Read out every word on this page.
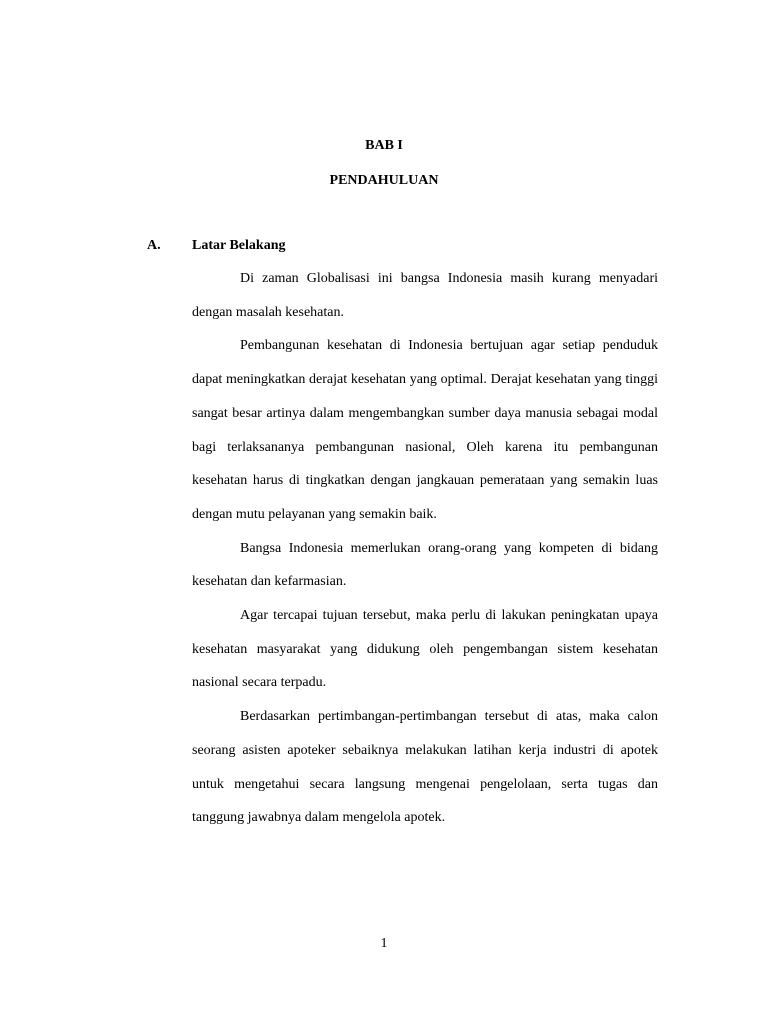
BAB I
PENDAHULUAN
A. Latar Belakang

Di zaman Globalisasi ini bangsa Indonesia masih kurang menyadari dengan masalah kesehatan.

Pembangunan kesehatan di Indonesia bertujuan agar setiap penduduk dapat meningkatkan derajat kesehatan yang optimal. Derajat kesehatan yang tinggi sangat besar artinya dalam mengembangkan sumber daya manusia sebagai modal bagi terlaksananya pembangunan nasional, Oleh karena itu pembangunan kesehatan harus di tingkatkan dengan jangkauan pemerataan yang semakin luas dengan mutu pelayanan yang semakin baik.

Bangsa Indonesia memerlukan orang-orang yang kompeten di bidang kesehatan dan kefarmasian.

Agar tercapai tujuan tersebut, maka perlu di lakukan peningkatan upaya kesehatan masyarakat yang didukung oleh pengembangan sistem kesehatan nasional secara terpadu.

Berdasarkan pertimbangan-pertimbangan tersebut di atas, maka calon seorang asisten apoteker sebaiknya melakukan latihan kerja industri di apotek untuk mengetahui secara langsung mengenai pengelolaan, serta tugas dan tanggung jawabnya dalam mengelola apotek.

1
